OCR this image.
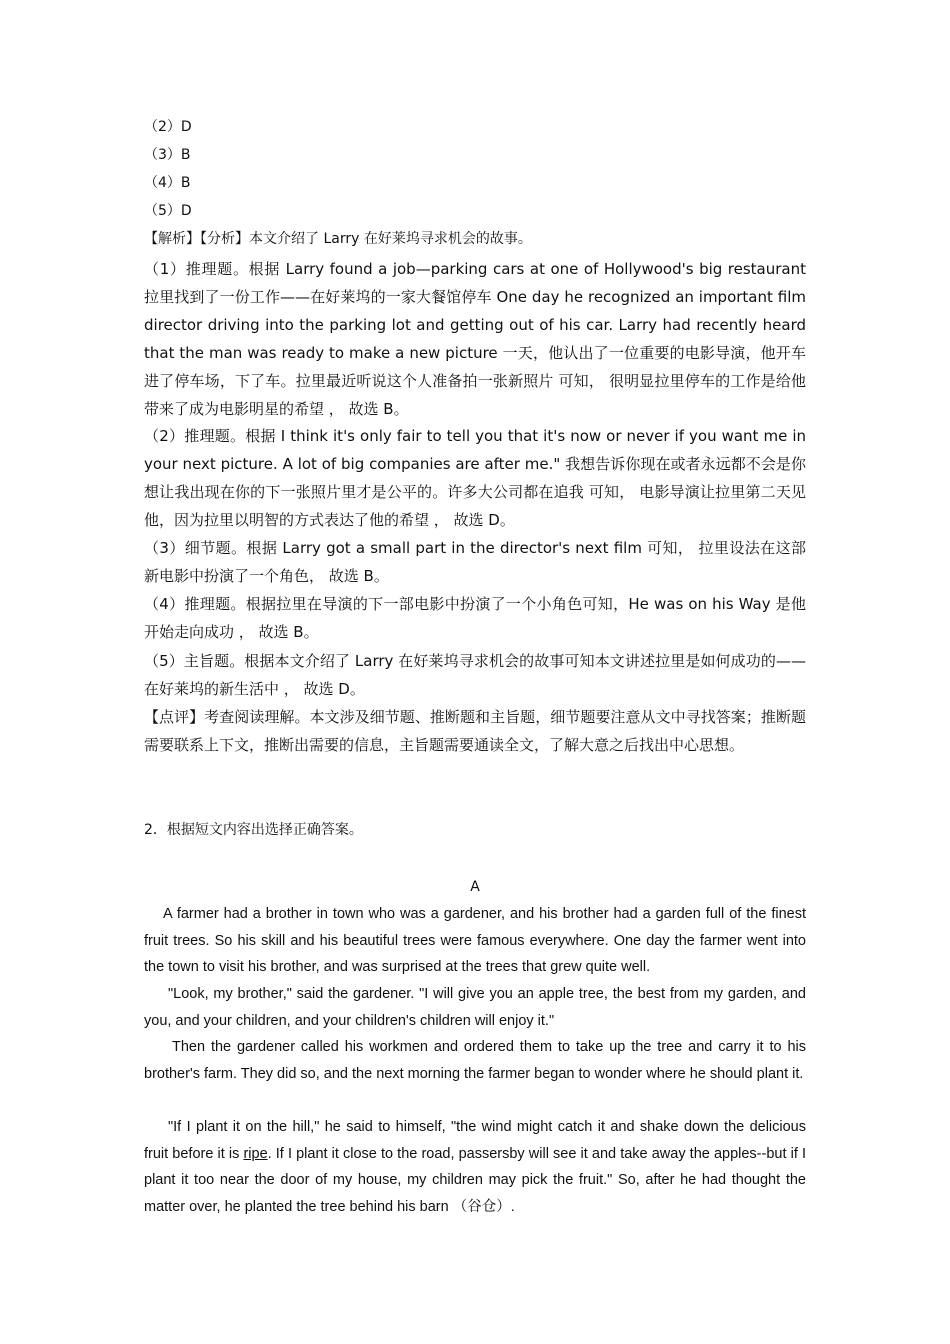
（2）D
（3）B
（4）B
（5）D
【解析】【分析】本文介绍了 Larry 在好莱坞寻求机会的故事。
（1）推理题。根据 Larry found a job—parking cars at one of Hollywood's big restaurant 拉里找到了一份工作——在好莱坞的一家大餐馆停车 One day he recognized an important film director driving into the parking lot and getting out of his car. Larry had recently heard that the man was ready to make a new picture 一天，他认出了一位重要的电影导演，他开车进了停车场，下了车。拉里最近听说这个人准备拍一张新照片 可知， 很明显拉里停车的工作是给他带来了成为电影明星的希望 ， 故选 B。
（2）推理题。根据 I think it's only fair to tell you that it's now or never if you want me in your next picture. A lot of big companies are after me." 我想告诉你现在或者永远都不会是你想让我出现在你的下一张照片里才是公平的。许多大公司都在追我 可知， 电影导演让拉里第二天见他，因为拉里以明智的方式表达了他的希望 ， 故选 D。
（3）细节题。根据 Larry got a small part in the director's next film 可知， 拉里设法在这部新电影中扮演了一个角色， 故选 B。
（4）推理题。根据拉里在导演的下一部电影中扮演了一个小角色可知，He was on his Way 是他开始走向成功 ， 故选 B。
（5）主旨题。根据本文介绍了 Larry 在好莱坞寻求机会的故事可知本文讲述拉里是如何成功的——在好莱坞的新生活中 ， 故选 D。
【点评】考查阅读理解。本文涉及细节题、推断题和主旨题，细节题要注意从文中寻找答案；推断题需要联系上下文，推断出需要的信息，主旨题需要通读全文，了解大意之后找出中心思想。
2．根据短文内容出选择正确答案。
A
A farmer had a brother in town who was a gardener, and his brother had a garden full of the finest fruit trees. So his skill and his beautiful trees were famous everywhere. One day the farmer went into the town to visit his brother, and was surprised at the trees that grew quite well.
"Look, my brother," said the gardener. "I will give you an apple tree, the best from my garden, and you, and your children, and your children's children will enjoy it."
Then the gardener called his workmen and ordered them to take up the tree and carry it to his brother's farm. They did so, and the next morning the farmer began to wonder where he should plant it.
"If I plant it on the hill," he said to himself, "the wind might catch it and shake down the delicious fruit before it is ripe. If I plant it close to the road, passersby will see it and take away the apples--but if I plant it too near the door of my house, my children may pick the fruit." So, after he had thought the matter over, he planted the tree behind his barn （谷仓）.
